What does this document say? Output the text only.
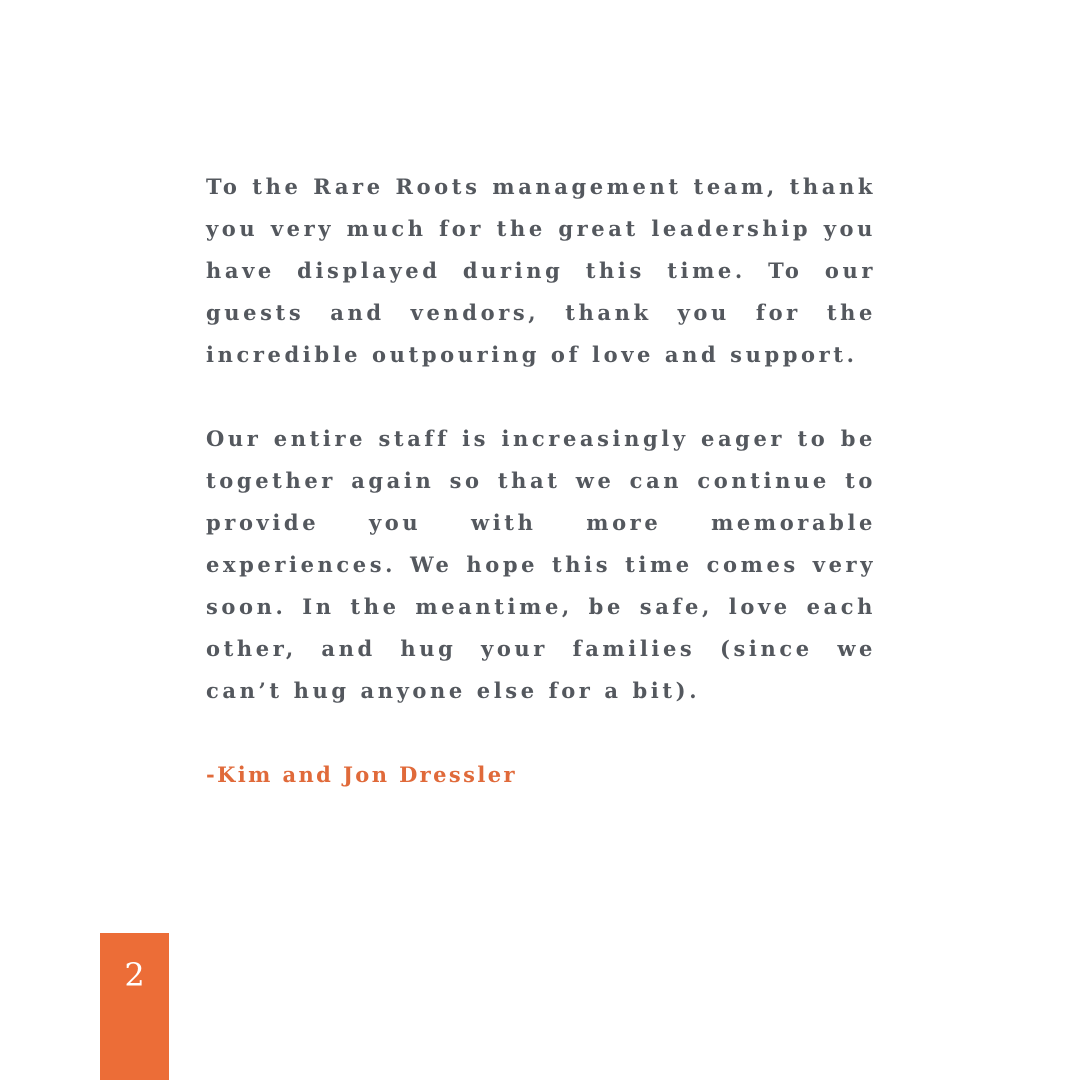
To the Rare Roots management team, thank you very much for the great leadership you have displayed during this time. To our guests and vendors, thank you for the incredible outpouring of love and support.

Our entire staff is increasingly eager to be together again so that we can continue to provide you with more memorable experiences. We hope this time comes very soon. In the meantime, be safe, love each other, and hug your families (since we can’t hug anyone else for a bit).

-Kim and Jon Dressler

2
